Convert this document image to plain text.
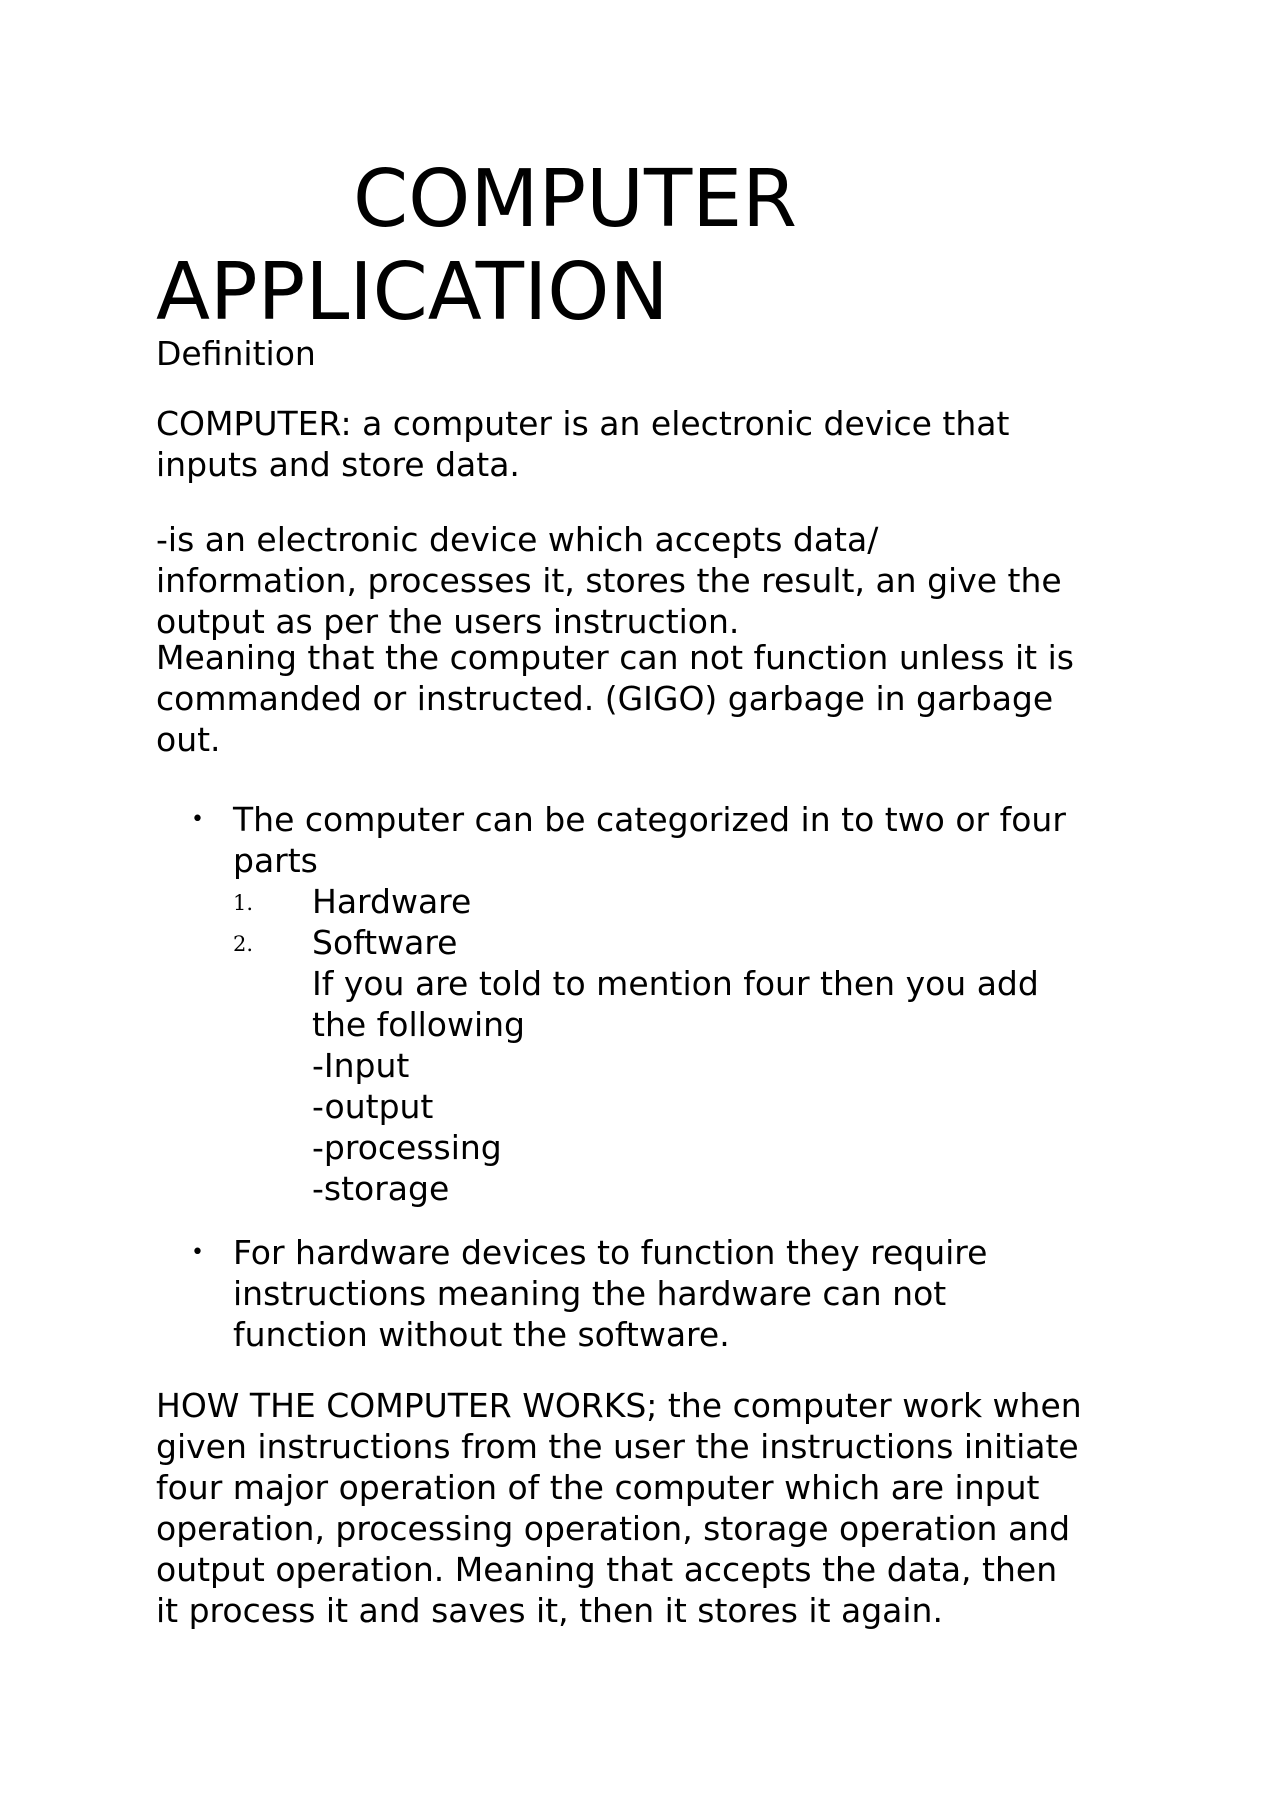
COMPUTER
APPLICATION

Definition

COMPUTER: a computer is an electronic device that
inputs and store data.
-is an electronic device which accepts data/
information, processes it, stores the result, an give the
output as per the users instruction.
Meaning that the computer can not function unless it is
commanded or instructed. (GIGO) garbage in garbage
out.
• The computer can be categorized in to two or four
parts
1. Hardware
2. Software
If you are told to mention four then you add
the following
-Input
-output
-processing
-storage
• For hardware devices to function they require
instructions meaning the hardware can not
function without the software.
HOW THE COMPUTER WORKS; the computer work when
given instructions from the user the instructions initiate
four major operation of the computer which are input
operation, processing operation, storage operation and
output operation. Meaning that accepts the data, then
it process it and saves it, then it stores it again.
